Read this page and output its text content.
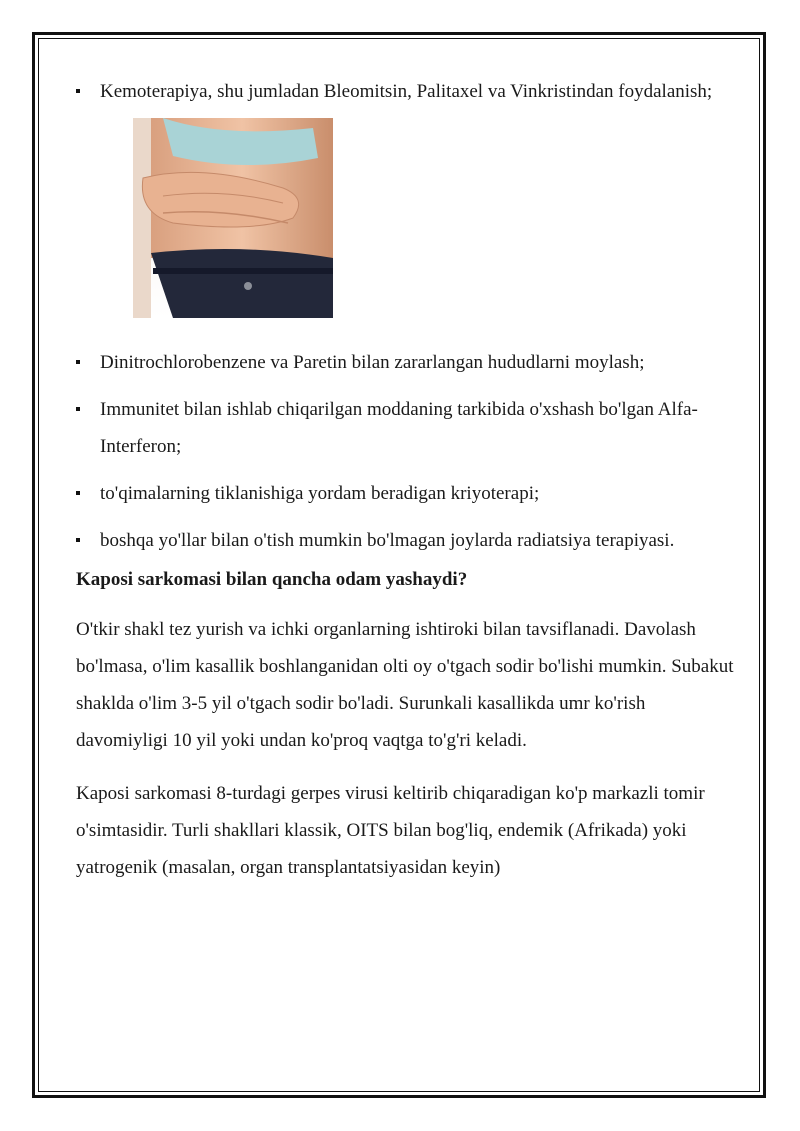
Kemoterapiya, shu jumladan Bleomitsin, Palitaxel va Vinkristindan foydalanish;
Dinitrochlorobenzene va Paretin bilan zararlangan hududlarni moylash;
Immunitet bilan ishlab chiqarilgan moddaning tarkibida o'xshash bo'lgan Alfa-Interferon;
to'qimalarning tiklanishiga yordam beradigan kriyoterapi;
boshqa yo'llar bilan o'tish mumkin bo'lmagan joylarda radiatsiya terapiyasi.
Kaposi sarkomasi bilan qancha odam yashaydi?

O'tkir shakl tez yurish va ichki organlarning ishtiroki bilan tavsiflanadi. Davolash bo'lmasa, o'lim kasallik boshlanganidan olti oy o'tgach sodir bo'lishi mumkin. Subakut shaklda o'lim 3-5 yil o'tgach sodir bo'ladi. Surunkali kasallikda umr ko'rish davomiyligi 10 yil yoki undan ko'proq vaqtga to'g'ri keladi.

Kaposi sarkomasi 8-turdagi gerpes virusi keltirib chiqaradigan ko'p markazli tomir o'simtasidir. Turli shakllari klassik, OITS bilan bog'liq, endemik (Afrikada) yoki yatrogenik (masalan, organ transplantatsiyasidan keyin)
